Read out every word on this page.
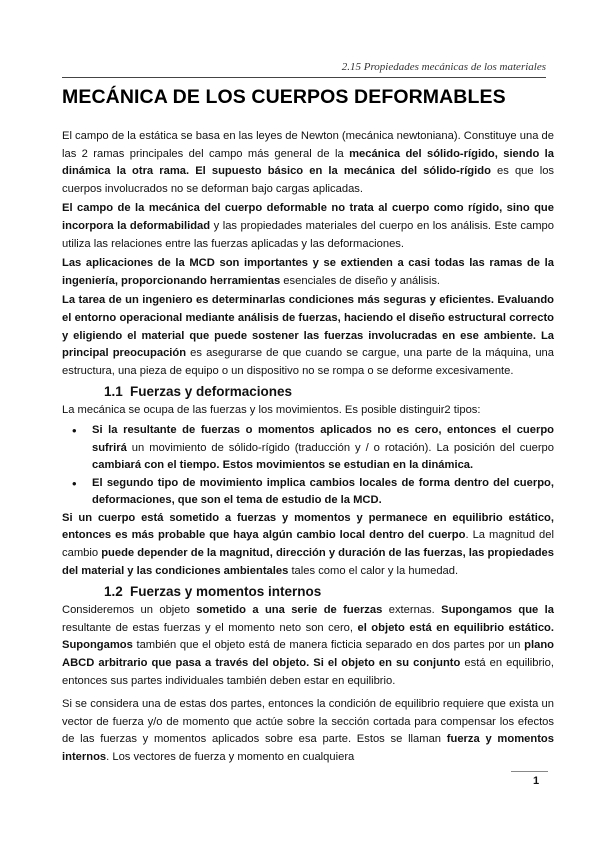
2.15 Propiedades mecánicas de los materiales
MECÁNICA DE LOS CUERPOS DEFORMABLES

El campo de la estática se basa en las leyes de Newton (mecánica newtoniana). Constituye una de las 2 ramas principales del campo más general de la mecánica del sólido-rígido, siendo la dinámica la otra rama. El supuesto básico en la mecánica del sólido-rígido es que los cuerpos involucrados no se deforman bajo cargas aplicadas.

El campo de la mecánica del cuerpo deformable no trata al cuerpo como rígido, sino que incorpora la deformabilidad y las propiedades materiales del cuerpo en los análisis. Este campo utiliza las relaciones entre las fuerzas aplicadas y las deformaciones.

Las aplicaciones de la MCD son importantes y se extienden a casi todas las ramas de la ingeniería, proporcionando herramientas esenciales de diseño y análisis.

La tarea de un ingeniero es determinarlas condiciones más seguras y eficientes. Evaluando el entorno operacional mediante análisis de fuerzas, haciendo el diseño estructural correcto y eligiendo el material que puede sostener las fuerzas involucradas en ese ambiente. La principal preocupación es asegurarse de que cuando se cargue, una parte de la máquina, una estructura, una pieza de equipo o un dispositivo no se rompa o se deforme excesivamente.

1.1 Fuerzas y deformaciones

La mecánica se ocupa de las fuerzas y los movimientos. Es posible distinguir2 tipos:

• Si la resultante de fuerzas o momentos aplicados no es cero, entonces el cuerpo sufrirá un movimiento de sólido-rígido (traducción y / o rotación). La posición del cuerpo cambiará con el tiempo. Estos movimientos se estudian en la dinámica.
• El segundo tipo de movimiento implica cambios locales de forma dentro del cuerpo, deformaciones, que son el tema de estudio de la MCD.

Si un cuerpo está sometido a fuerzas y momentos y permanece en equilibrio estático, entonces es más probable que haya algún cambio local dentro del cuerpo. La magnitud del cambio puede depender de la magnitud, dirección y duración de las fuerzas, las propiedades del material y las condiciones ambientales tales como el calor y la humedad.

1.2 Fuerzas y momentos internos

Consideremos un objeto sometido a una serie de fuerzas externas. Supongamos que la resultante de estas fuerzas y el momento neto son cero, el objeto está en equilibrio estático. Supongamos también que el objeto está de manera ficticia separado en dos partes por un plano ABCD arbitrario que pasa a través del objeto. Si el objeto en su conjunto está en equilibrio, entonces sus partes individuales también deben estar en equilibrio.

Si se considera una de estas dos partes, entonces la condición de equilibrio requiere que exista un vector de fuerza y/o de momento que actúe sobre la sección cortada para compensar los efectos de las fuerzas y momentos aplicados sobre esa parte. Estos se llaman fuerza y momentos internos. Los vectores de fuerza y momento en cualquiera

1
